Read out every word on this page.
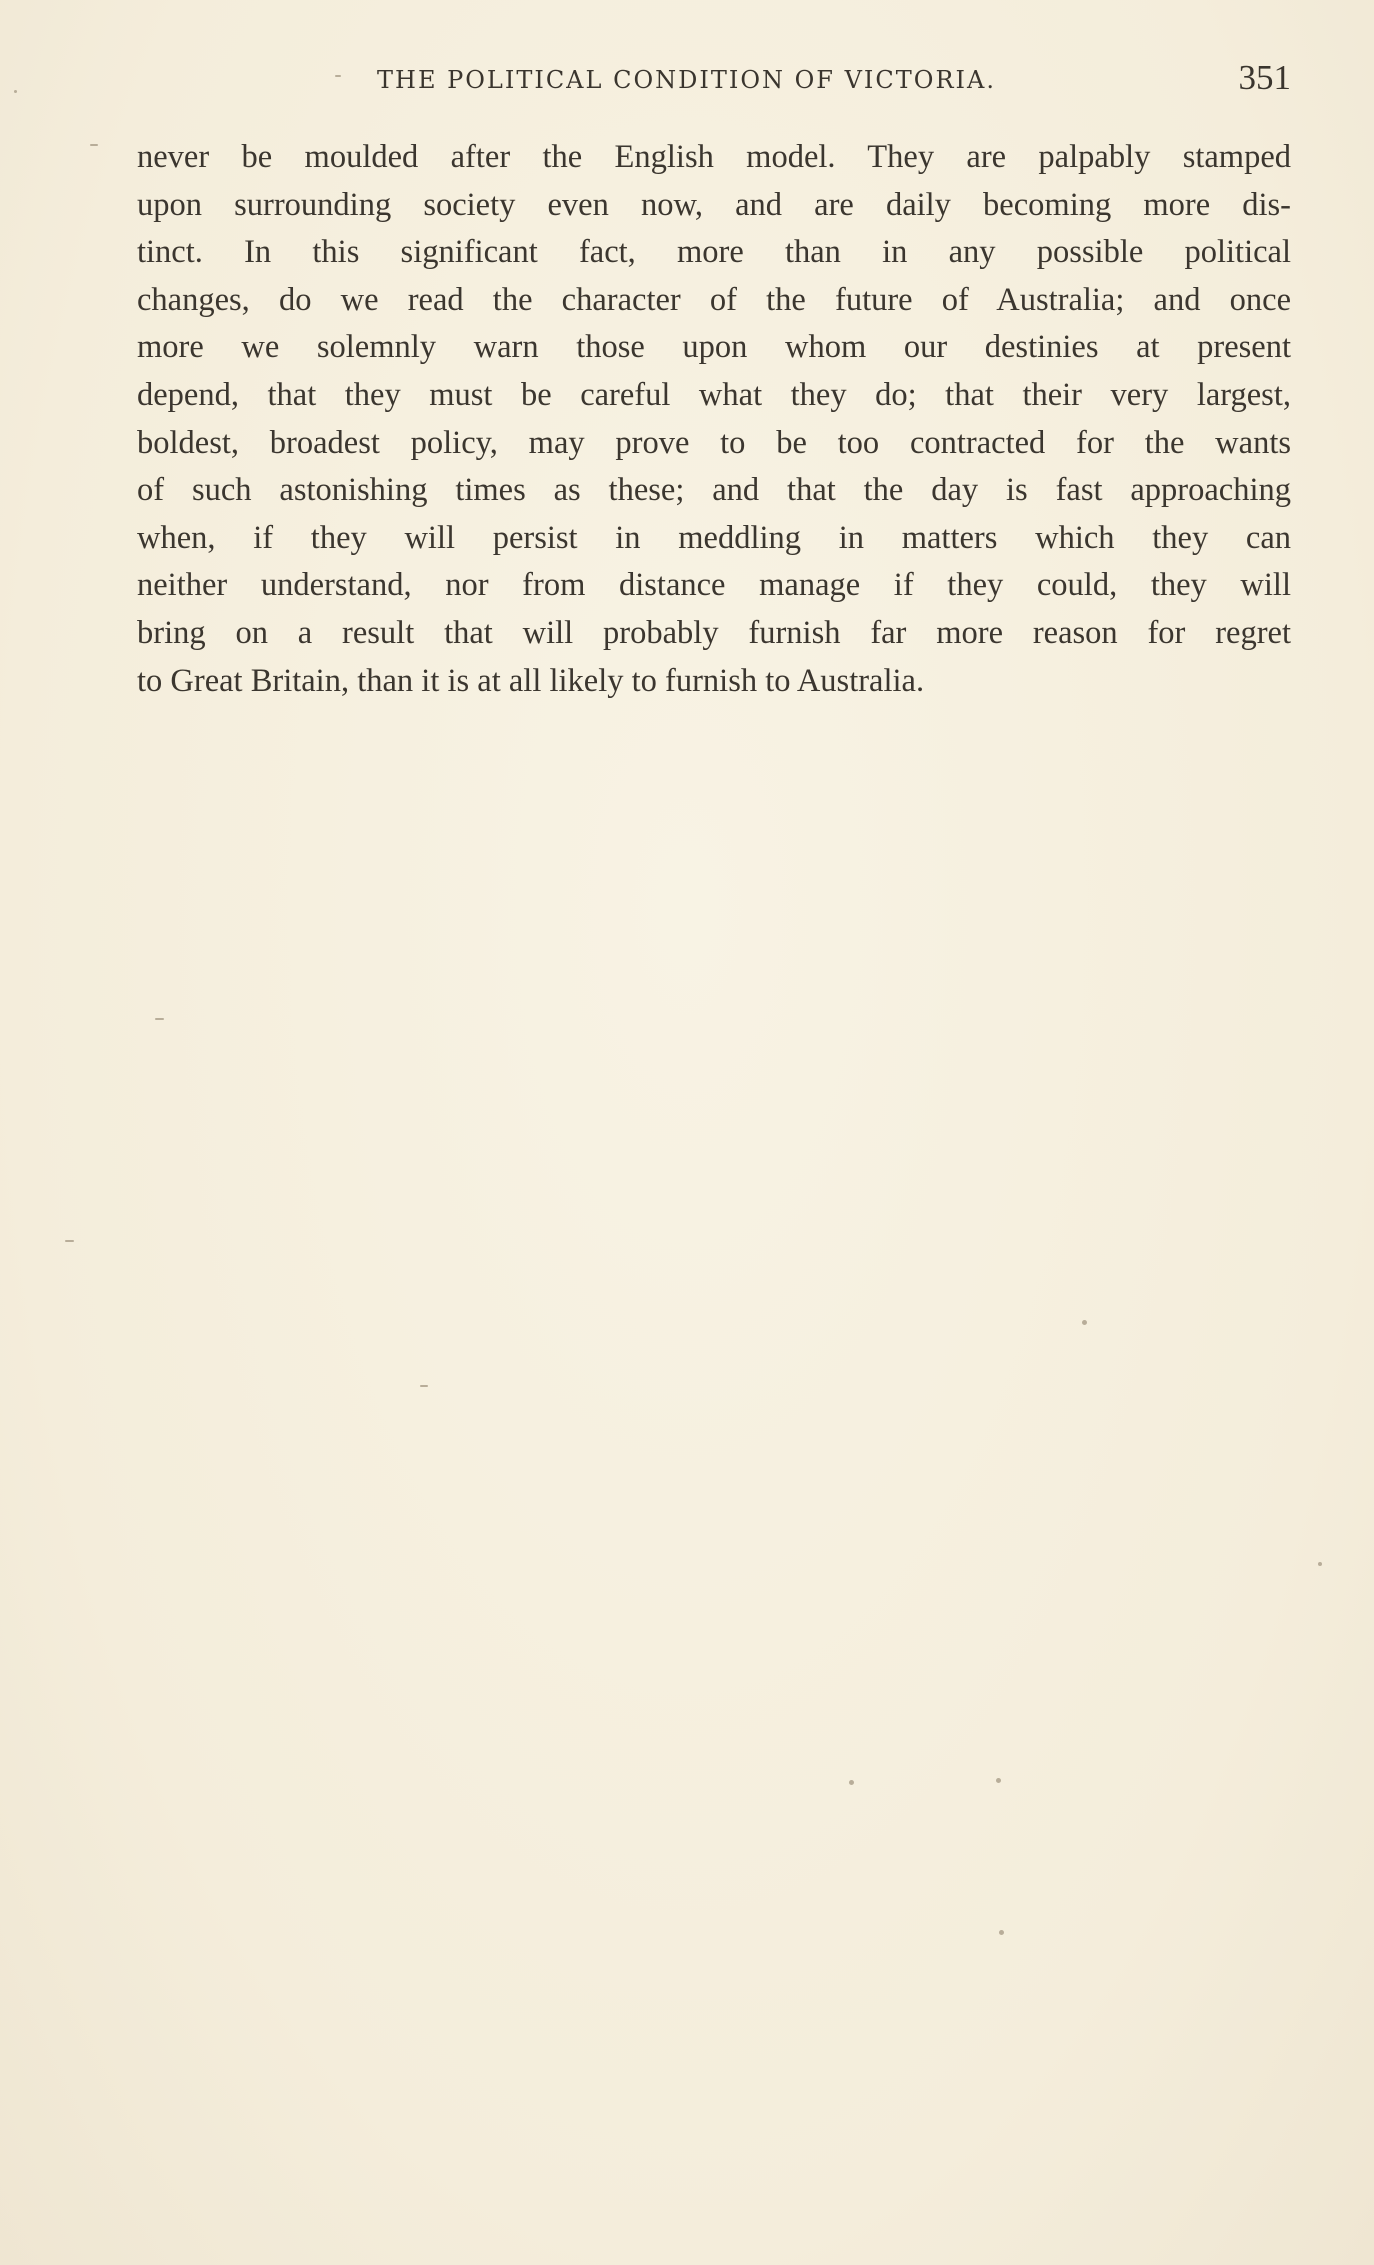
THE POLITICAL CONDITION OF VICTORIA.	351
never be moulded after the English model. They are palpably stamped
upon surrounding society even now, and are daily becoming more dis-
tinct. In this significant fact, more than in any possible political
changes, do we read the character of the future of Australia; and once
more we solemnly warn those upon whom our destinies at present
depend, that they must be careful what they do; that their very largest,
boldest, broadest policy, may prove to be too contracted for the wants
of such astonishing times as these; and that the day is fast approaching
when, if they will persist in meddling in matters which they can
neither understand, nor from distance manage if they could, they will
bring on a result that will probably furnish far more reason for regret
to Great Britain, than it is at all likely to furnish to Australia.
